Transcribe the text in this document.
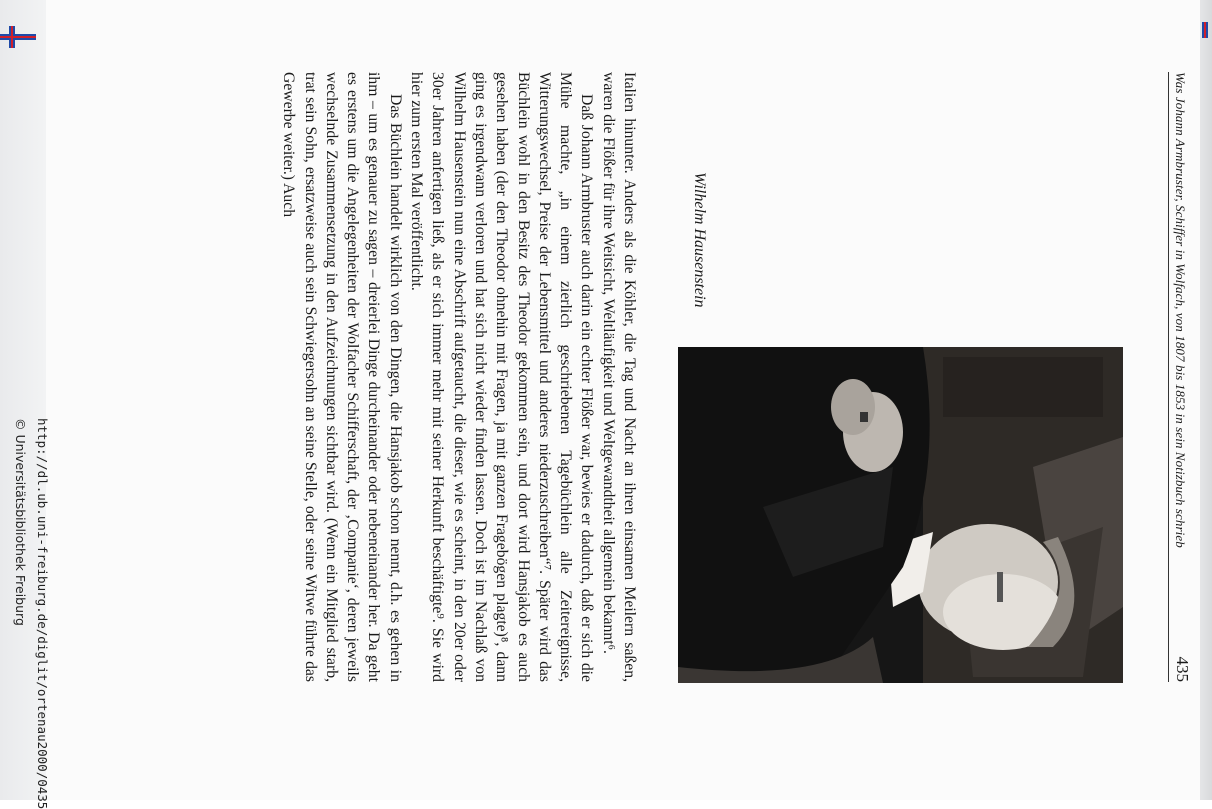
Was Johann Armbruster, Schiffer in Wolfach, von 1807 bis 1853 in sein Notizbuch schrieb
435
Wilhelm Hausenstein

Italien hinunter. Anders als die Köhler, die Tag und Nacht an ihren einsamen Meilern saßen, waren die Flößer für ihre Weitsicht, Weltläufigkeit und Weltgewandtheit allgemein bekannt⁶.

Daß Johann Armbruster auch darin ein echter Flößer war, bewies er dadurch, daß er sich die Mühe machte, „in einem zierlich geschriebenen Tagebüchlein alle Zeitereignisse, Witterungswechsel, Preise der Lebensmittel und anderes niederzuschreiben“⁷. Später wird das Büchlein wohl in den Besitz des Theodor gekommen sein, und dort wird Hansjakob es auch gesehen haben (der den Theodor ohnehin mit Fragen, ja mit ganzen Fragebögen plagte)⁸, dann ging es irgendwann verloren und hat sich nicht wieder finden lassen. Doch ist im Nachlaß von Wilhelm Hausenstein nun eine Abschrift aufgetaucht, die dieser, wie es scheint, in den 20er oder 30er Jahren anfertigen ließ, als er sich immer mehr mit seiner Herkunft beschäftigte⁹. Sie wird hier zum ersten Mal veröffentlicht.

Das Büchlein handelt wirklich von den Dingen, die Hansjakob schon nennt, d.h. es gehen in ihm – um es genauer zu sagen – dreierlei Dinge durcheinander oder nebeneinander her. Da geht es erstens um die Angelegenheiten der Wolfacher Schifferschaft, der ‚Companie‘, deren jeweils wechselnde Zusammensetzung in den Aufzeichnungen sichtbar wird. (Wenn ein Mitglied starb, trat sein Sohn, ersatzweise auch sein Schwiegersohn an seine Stelle, oder seine Witwe führte das Gewerbe weiter.) Auch

http://dl.ub.uni-freiburg.de/diglit/ortenau2000/0435
© Universitätsbibliothek Freiburg
